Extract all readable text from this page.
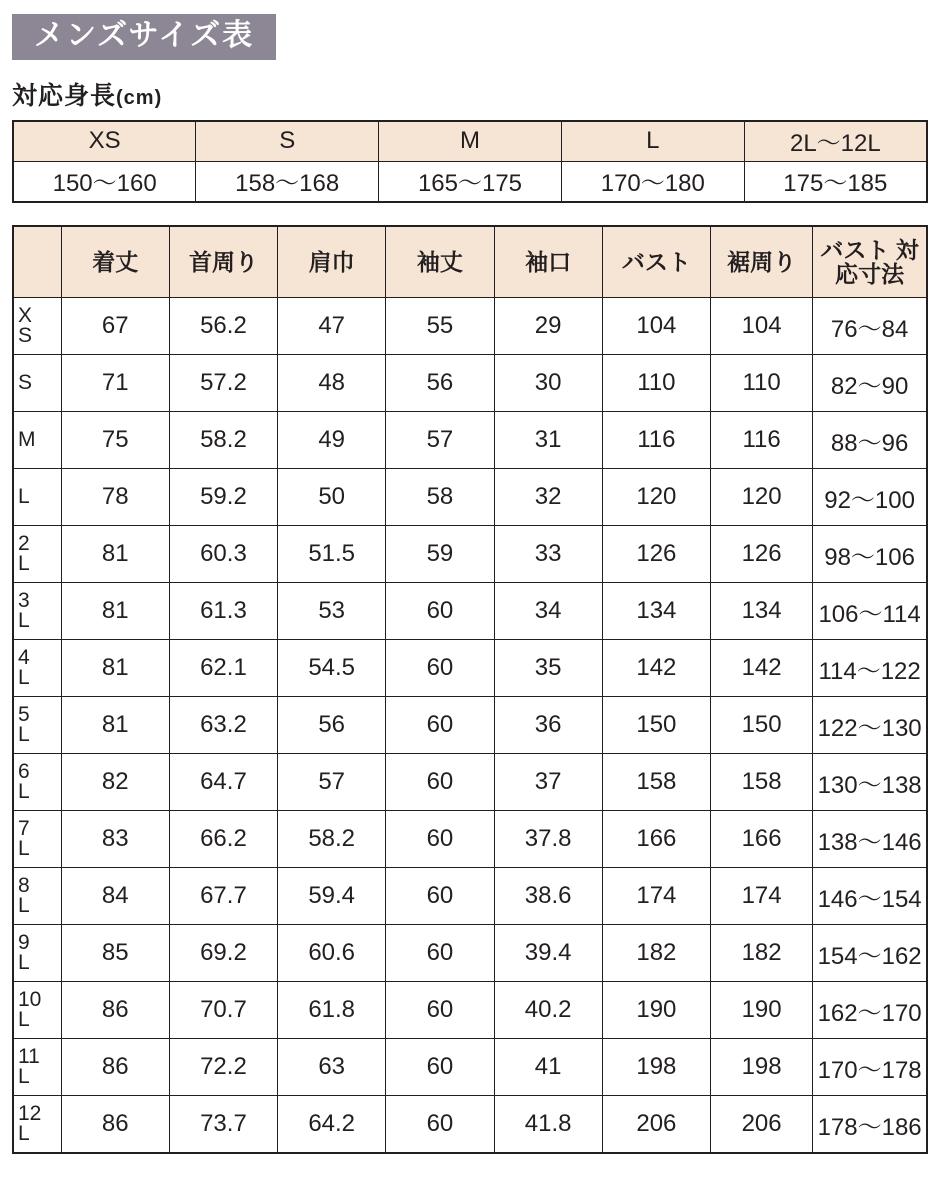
メンズサイズ表
対応身長(cm)
XS	S	M	L	2L〜12L
150〜160	158〜168	165〜175	170〜180	175〜185
	着丈	首周り	肩巾	袖丈	袖口	バスト	裾周り	バスト 対応寸法

X
S	67	56.2	47	55	29	104	104	76〜84

S	71	57.2	48	56	30	110	110	82〜90

M	75	58.2	49	57	31	116	116	88〜96

L	78	59.2	50	58	32	120	120	92〜100

2
L	81	60.3	51.5	59	33	126	126	98〜106

3
L	81	61.3	53	60	34	134	134	106〜114

4
L	81	62.1	54.5	60	35	142	142	114〜122

5
L	81	63.2	56	60	36	150	150	122〜130

6
L	82	64.7	57	60	37	158	158	130〜138

7
L	83	66.2	58.2	60	37.8	166	166	138〜146

8
L	84	67.7	59.4	60	38.6	174	174	146〜154

9
L	85	69.2	60.6	60	39.4	182	182	154〜162

10
L	86	70.7	61.8	60	40.2	190	190	162〜170

11
L	86	72.2	63	60	41	198	198	170〜178

12
L	86	73.7	64.2	60	41.8	206	206	178〜186
